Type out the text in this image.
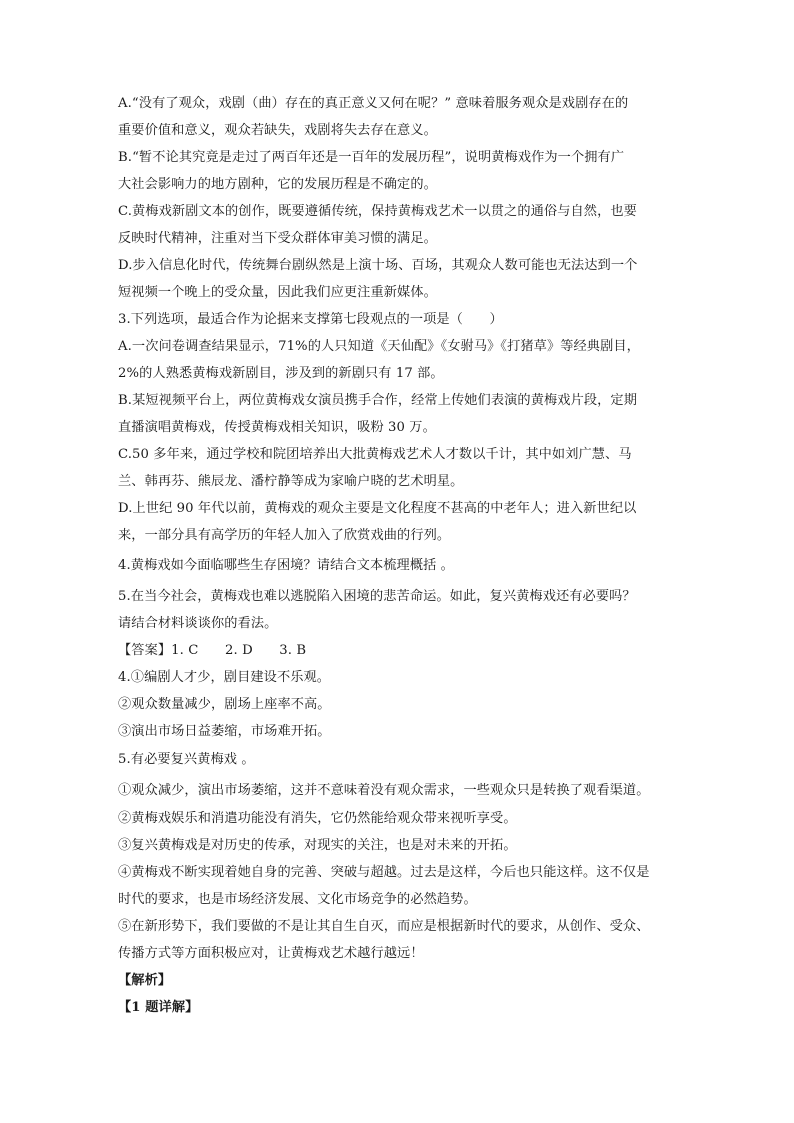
A.“没有了观众，戏剧（曲）存在的真正意义又何在呢？” 意味着服务观众是戏剧存在的
重要价值和意义，观众若缺失，戏剧将失去存在意义。
B.“暂不论其究竟是走过了两百年还是一百年的发展历程”，说明黄梅戏作为一个拥有广
大社会影响力的地方剧种，它的发展历程是不确定的。
C.黄梅戏新剧文本的创作，既要遵循传统，保持黄梅戏艺术一以贯之的通俗与自然，也要
反映时代精神，注重对当下受众群体审美习惯的满足。
D.步入信息化时代，传统舞台剧纵然是上演十场、百场，其观众人数可能也无法达到一个
短视频一个晚上的受众量，因此我们应更注重新媒体。
3.下列选项，最适合作为论据来支撑第七段观点的一项是（　　）
A.一次问卷调查结果显示，71%的人只知道《天仙配》《女驸马》《打猪草》等经典剧目，
2%的人熟悉黄梅戏新剧目，涉及到的新剧只有 17 部。
B.某短视频平台上，两位黄梅戏女演员携手合作，经常上传她们表演的黄梅戏片段，定期
直播演唱黄梅戏，传授黄梅戏相关知识，吸粉 30 万。
C.50 多年来，通过学校和院团培养出大批黄梅戏艺术人才数以千计，其中如刘广慧、马
兰、韩再芬、熊辰龙、潘柠静等成为家喻户晓的艺术明星。
D.上世纪 90 年代以前，黄梅戏的观众主要是文化程度不甚高的中老年人；进入新世纪以
来，一部分具有高学历的年轻人加入了欣赏戏曲的行列。
4.黄梅戏如今面临哪些生存困境？请结合文本梳理概括 。
5.在当今社会，黄梅戏也难以逃脱陷入困境的悲苦命运。如此，复兴黄梅戏还有必要吗？
请结合材料谈谈你的看法。
【答案】1. C　　2. D　　3. B
4.①编剧人才少，剧目建设不乐观。
②观众数量减少，剧场上座率不高。
③演出市场日益萎缩，市场难开拓。
5.有必要复兴黄梅戏 。
①观众减少，演出市场萎缩，这并不意味着没有观众需求，一些观众只是转换了观看渠道。
②黄梅戏娱乐和消遣功能没有消失，它仍然能给观众带来视听享受。
③复兴黄梅戏是对历史的传承，对现实的关注，也是对未来的开拓。
④黄梅戏不断实现着她自身的完善、突破与超越。过去是这样，今后也只能这样。这不仅是
时代的要求，也是市场经济发展、文化市场竞争的必然趋势。
⑤在新形势下，我们要做的不是让其自生自灭，而应是根据新时代的要求，从创作、受众、
传播方式等方面积极应对，让黄梅戏艺术越行越远！
【解析】
【1 题详解】
